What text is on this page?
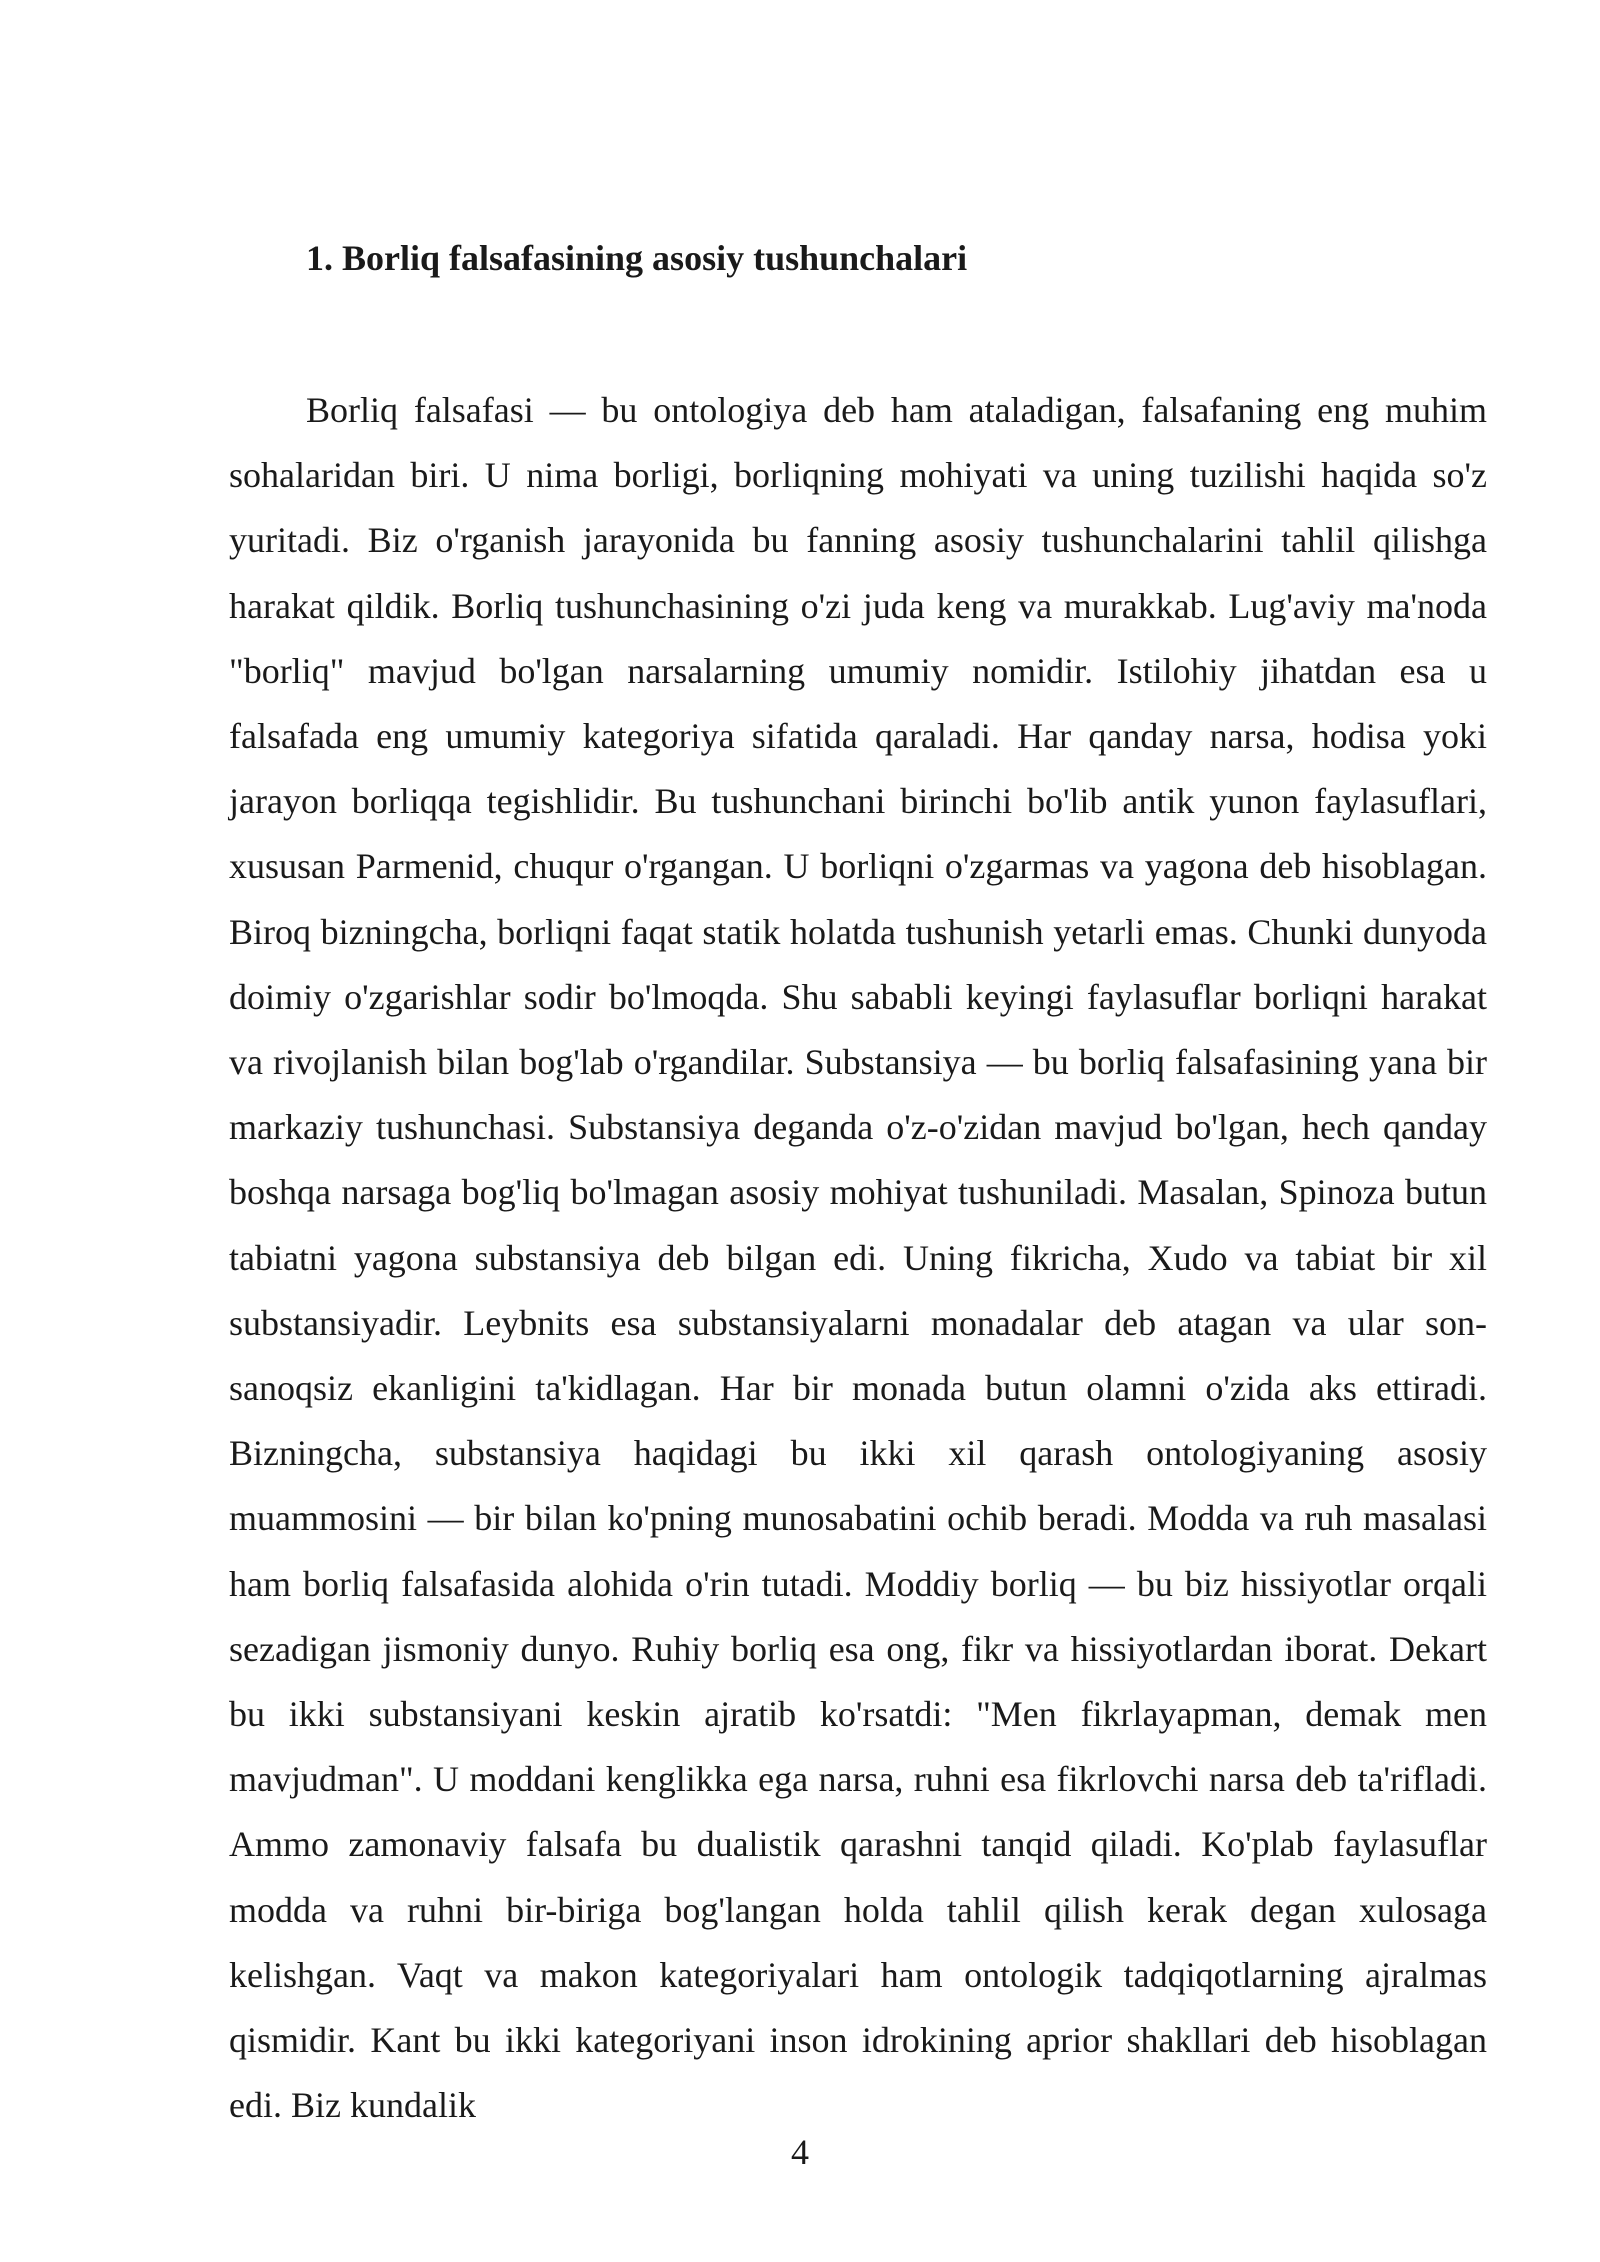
1. Borliq falsafasining asosiy tushunchalari

Borliq falsafasi — bu ontologiya deb ham ataladigan, falsafaning eng muhim sohalaridan biri. U nima borligi, borliqning mohiyati va uning tuzilishi haqida so'z yuritadi. Biz o'rganish jarayonida bu fanning asosiy tushunchalarini tahlil qilishga harakat qildik. Borliq tushunchasining o'zi juda keng va murakkab. Lug'aviy ma'noda "borliq" mavjud bo'lgan narsalarning umumiy nomidir. Istilohiy jihatdan esa u falsafada eng umumiy kategoriya sifatida qaraladi. Har qanday narsa, hodisa yoki jarayon borliqqa tegishlidir. Bu tushunchani birinchi bo'lib antik yunon faylasuflari, xususan Parmenid, chuqur o'rgangan. U borliqni o'zgarmas va yagona deb hisoblagan. Biroq bizningcha, borliqni faqat statik holatda tushunish yetarli emas. Chunki dunyoda doimiy o'zgarishlar sodir bo'lmoqda. Shu sababli keyingi faylasuflar borliqni harakat va rivojlanish bilan bog'lab o'rgandilar. Substansiya — bu borliq falsafasining yana bir markaziy tushunchasi. Substansiya deganda o'z-o'zidan mavjud bo'lgan, hech qanday boshqa narsaga bog'liq bo'lmagan asosiy mohiyat tushuniladi. Masalan, Spinoza butun tabiatni yagona substansiya deb bilgan edi. Uning fikricha, Xudo va tabiat bir xil substansiyadir. Leybnits esa substansiyalarni monadalar deb atagan va ular son-sanoqsiz ekanligini ta'kidlagan. Har bir monada butun olamni o'zida aks ettiradi. Bizningcha, substansiya haqidagi bu ikki xil qarash ontologiyaning asosiy muammosini — bir bilan ko'pning munosabatini ochib beradi. Modda va ruh masalasi ham borliq falsafasida alohida o'rin tutadi. Moddiy borliq — bu biz hissiyotlar orqali sezadigan jismoniy dunyo. Ruhiy borliq esa ong, fikr va hissiyotlardan iborat. Dekart bu ikki substansiyani keskin ajratib ko'rsatdi: "Men fikrlayapman, demak men mavjudman". U moddani kenglikka ega narsa, ruhni esa fikrlovchi narsa deb ta'rifladi. Ammo zamonaviy falsafa bu dualistik qarashni tanqid qiladi. Ko'plab faylasuflar modda va ruhni bir-biriga bog'langan holda tahlil qilish kerak degan xulosaga kelishgan. Vaqt va makon kategoriyalari ham ontologik tadqiqotlarning ajralmas qismidir. Kant bu ikki kategoriyani inson idrokining aprior shakllari deb hisoblagan edi. Biz kundalik

4
